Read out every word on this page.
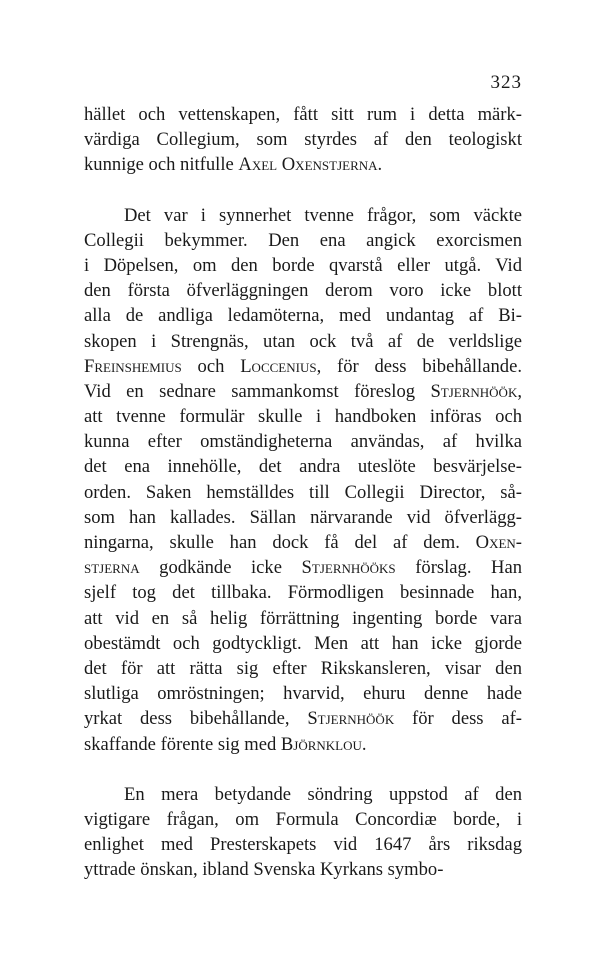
323
hället och vettenskapen, fått sitt rum i detta märk-
värdiga Collegium, som styrdes af den teologiskt
kunnige och nitfulle Axel Oxenstjerna.
Det var i synnerhet tvenne frågor, som väckte
Collegii bekymmer. Den ena angick exorcismen
i Döpelsen, om den borde qvarstå eller utgå. Vid
den första öfverläggningen derom voro icke blott
alla de andliga ledamöterna, med undantag af Bi-
skopen i Strengnäs, utan ock två af de verldslige
Freinshemius och Loccenius, för dess bibehållande.
Vid en sednare sammankomst föreslog Stjernhöök,
att tvenne formulär skulle i handboken införas och
kunna efter omständigheterna användas, af hvilka
det ena innehölle, det andra uteslöte besvärjelse-
orden. Saken hemställdes till Collegii Director, så-
som han kallades. Sällan närvarande vid öfverlägg-
ningarna, skulle han dock få del af dem. Oxen-
stjerna godkände icke Stjernhööks förslag. Han
sjelf tog det tillbaka. Förmodligen besinnade han,
att vid en så helig förrättning ingenting borde vara
obestämdt och godtyckligt. Men att han icke gjorde
det för att rätta sig efter Rikskansleren, visar den
slutliga omröstningen; hvarvid, ehuru denne hade
yrkat dess bibehållande, Stjernhöök för dess af-
skaffande förente sig med Björnklou.
En mera betydande söndring uppstod af den
vigtigare frågan, om Formula Concordiæ borde, i
enlighet med Presterskapets vid 1647 års riksdag
yttrade önskan, ibland Svenska Kyrkans symbo-
